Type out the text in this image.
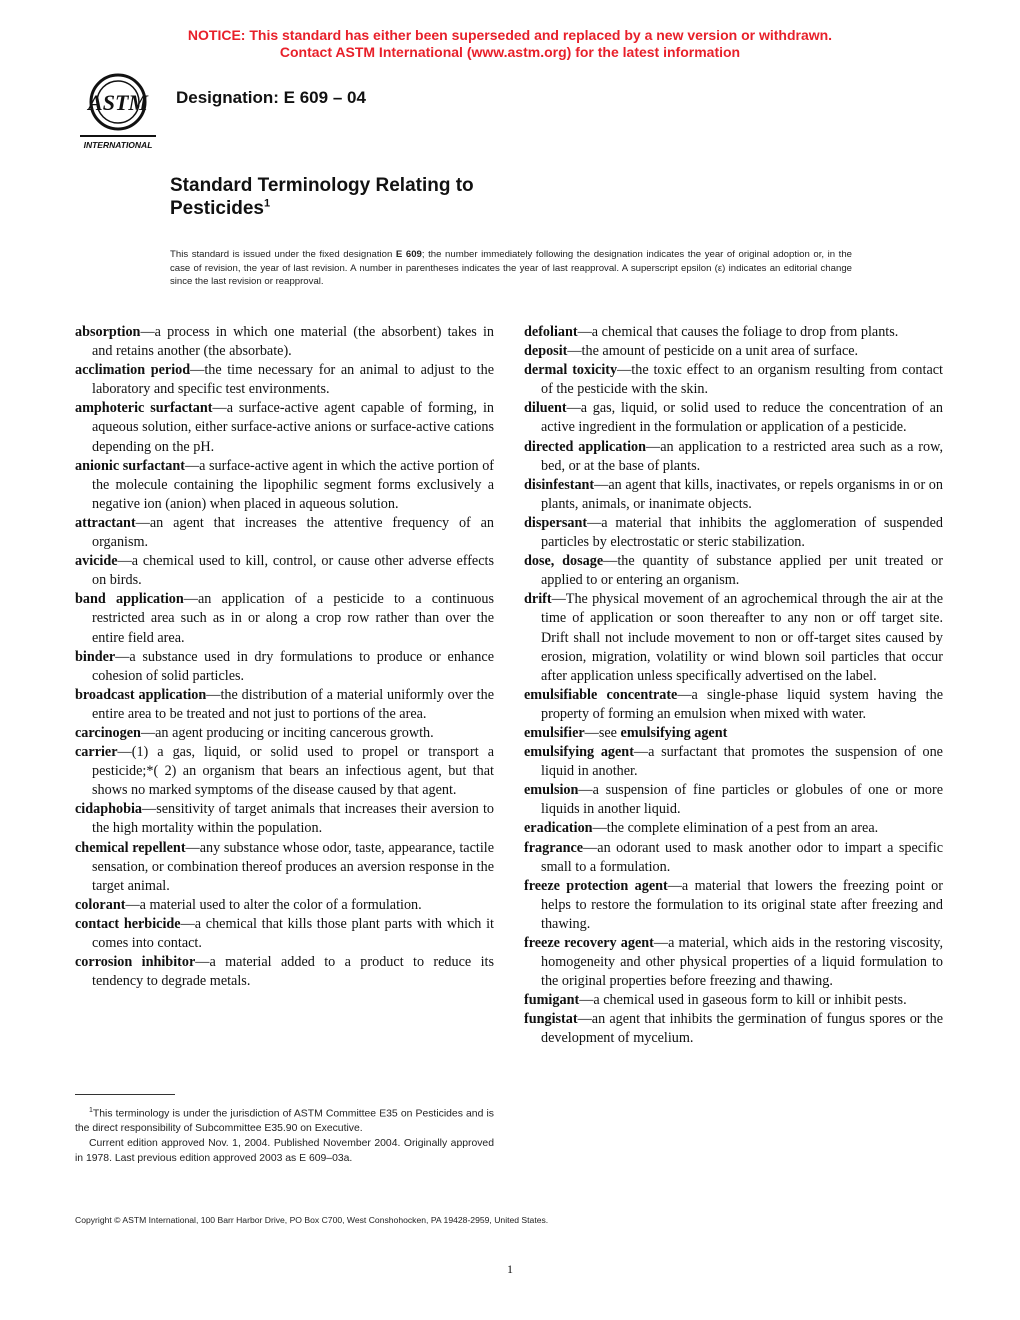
NOTICE: This standard has either been superseded and replaced by a new version or withdrawn.
Contact ASTM International (www.astm.org) for the latest information
ASTM
INTERNATIONAL
Designation: E 609 – 04
Standard Terminology Relating to
Pesticides$^1$
This standard is issued under the fixed designation E 609; the number immediately following the designation indicates the year of original adoption or, in the case of revision, the year of last revision. A number in parentheses indicates the year of last reapproval. A superscript epsilon (ε) indicates an editorial change since the last revision or reapproval.

absorption—a process in which one material (the absorbent) takes in and retains another (the absorbate).

acclimation period—the time necessary for an animal to adjust to the laboratory and specific test environments.

amphoteric surfactant—a surface-active agent capable of forming, in aqueous solution, either surface-active anions or surface-active cations depending on the pH.

anionic surfactant—a surface-active agent in which the active portion of the molecule containing the lipophilic segment forms exclusively a negative ion (anion) when placed in aqueous solution.

attractant—an agent that increases the attentive frequency of an organism.

avicide—a chemical used to kill, control, or cause other adverse effects on birds.

band application—an application of a pesticide to a continuous restricted area such as in or along a crop row rather than over the entire field area.

binder—a substance used in dry formulations to produce or enhance cohesion of solid particles.

broadcast application—the distribution of a material uniformly over the entire area to be treated and not just to portions of the area.

carcinogen—an agent producing or inciting cancerous growth.

carrier—(1) a gas, liquid, or solid used to propel or transport a pesticide;*( 2) an organism that bears an infectious agent, but that shows no marked symptoms of the disease caused by that agent.

cidaphobia—sensitivity of target animals that increases their aversion to the high mortality within the population.

chemical repellent—any substance whose odor, taste, appearance, tactile sensation, or combination thereof produces an aversion response in the target animal.

colorant—a material used to alter the color of a formulation.

contact herbicide—a chemical that kills those plant parts with which it comes into contact.

corrosion inhibitor—a material added to a product to reduce its tendency to degrade metals.

defoliant—a chemical that causes the foliage to drop from plants.

deposit—the amount of pesticide on a unit area of surface.

dermal toxicity—the toxic effect to an organism resulting from contact of the pesticide with the skin.

diluent—a gas, liquid, or solid used to reduce the concentration of an active ingredient in the formulation or application of a pesticide.

directed application—an application to a restricted area such as a row, bed, or at the base of plants.

disinfestant—an agent that kills, inactivates, or repels organisms in or on plants, animals, or inanimate objects.

dispersant—a material that inhibits the agglomeration of suspended particles by electrostatic or steric stabilization.

dose, dosage—the quantity of substance applied per unit treated or applied to or entering an organism.

drift—The physical movement of an agrochemical through the air at the time of application or soon thereafter to any non or off target site. Drift shall not include movement to non or off-target sites caused by erosion, migration, volatility or wind blown soil particles that occur after application unless specifically advertised on the label.

emulsifiable concentrate—a single-phase liquid system having the property of forming an emulsion when mixed with water.

emulsifier—see emulsifying agent

emulsifying agent—a surfactant that promotes the suspension of one liquid in another.

emulsion—a suspension of fine particles or globules of one or more liquids in another liquid.

eradication—the complete elimination of a pest from an area.

fragrance—an odorant used to mask another odor to impart a specific small to a formulation.

freeze protection agent—a material that lowers the freezing point or helps to restore the formulation to its original state after freezing and thawing.

freeze recovery agent—a material, which aids in the restoring viscosity, homogeneity and other physical properties of a liquid formulation to the original properties before freezing and thawing.

fumigant—a chemical used in gaseous form to kill or inhibit pests.

fungistat—an agent that inhibits the germination of fungus spores or the development of mycelium.

$^1$This terminology is under the jurisdiction of ASTM Committee E35 on Pesticides and is the direct responsibility of Subcommittee E35.90 on Executive.

Current edition approved Nov. 1, 2004. Published November 2004. Originally approved in 1978. Last previous edition approved 2003 as E 609–03a.

Copyright © ASTM International, 100 Barr Harbor Drive, PO Box C700, West Conshohocken, PA 19428-2959, United States.
1
